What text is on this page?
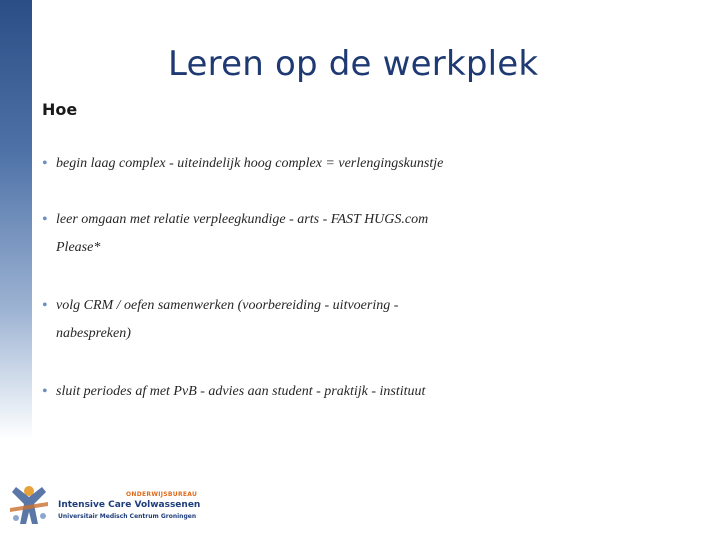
Leren op de werkplek
Hoe
• begin laag complex - uiteindelijk hoog complex = verlengingskunstje
• leer omgaan met relatie verpleegkundige - arts - FAST HUGS.com Please*
• volg CRM / oefen samenwerken (voorbereiding - uitvoering - nabespreken)
• sluit periodes af met PvB - advies aan student - praktijk - instituut
ONDERWIJSBUREAU
Intensive Care Volwassenen
Universitair Medisch Centrum Groningen
